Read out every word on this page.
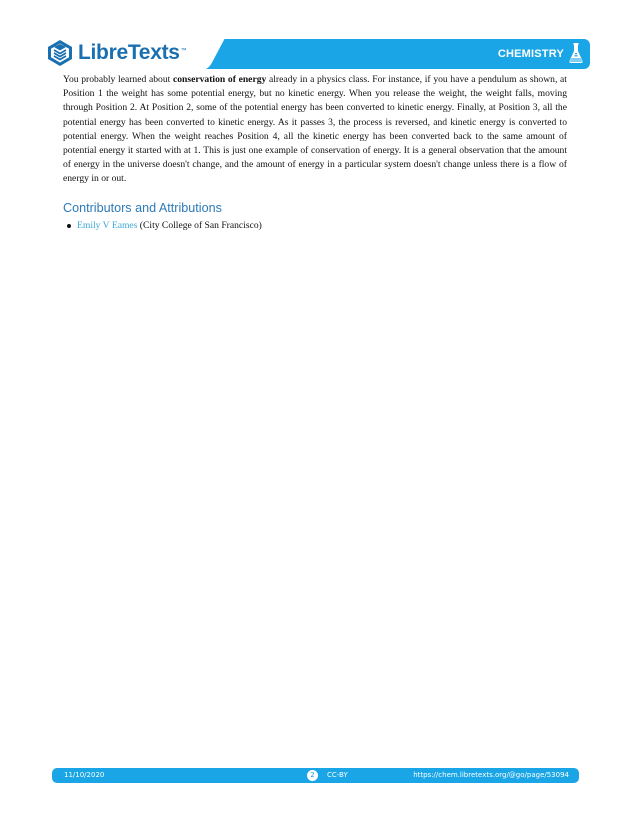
LibreTexts ™	CHEMISTRY

You probably learned about conservation of energy already in a physics class. For instance, if you have a pendulum as shown, at Position 1 the weight has some potential energy, but no kinetic energy. When you release the weight, the weight falls, moving through Position 2. At Position 2, some of the potential energy has been converted to kinetic energy. Finally, at Position 3, all the potential energy has been converted to kinetic energy. As it passes 3, the process is reversed, and kinetic energy is converted to potential energy. When the weight reaches Position 4, all the kinetic energy has been converted back to the same amount of potential energy it started with at 1. This is just one example of conservation of energy. It is a general observation that the amount of energy in the universe doesn't change, and the amount of energy in a particular system doesn't change unless there is a flow of energy in or out.

Contributors and Attributions
Emily V Eames (City College of San Francisco)
11/10/2020	2	CC-BY	https://chem.libretexts.org/@go/page/53094
